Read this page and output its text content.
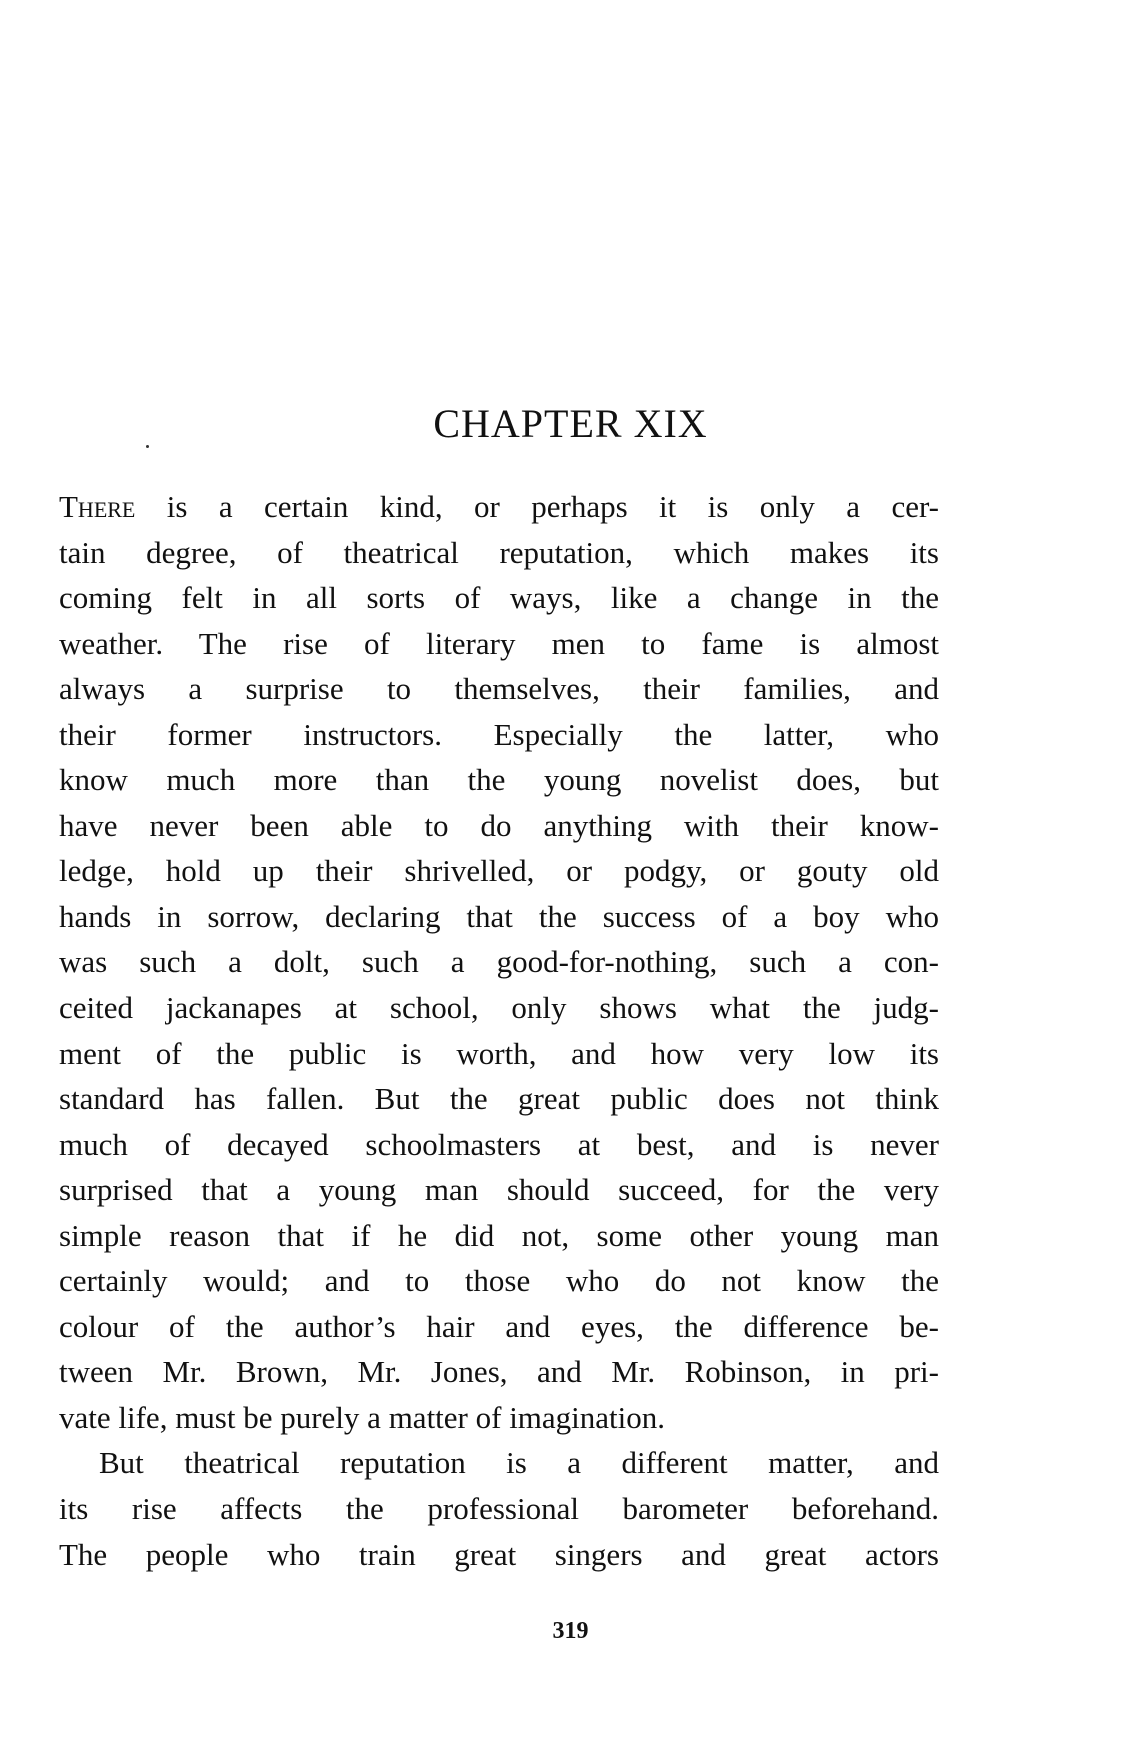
CHAPTER XIX
There is a certain kind, or perhaps it is only a cer-
tain degree, of theatrical reputation, which makes its
coming felt in all sorts of ways, like a change in the
weather. The rise of literary men to fame is almost
always a surprise to themselves, their families, and
their former instructors. Especially the latter, who
know much more than the young novelist does, but
have never been able to do anything with their know-
ledge, hold up their shrivelled, or podgy, or gouty old
hands in sorrow, declaring that the success of a boy who
was such a dolt, such a good-for-nothing, such a con-
ceited jackanapes at school, only shows what the judg-
ment of the public is worth, and how very low its
standard has fallen. But the great public does not think
much of decayed schoolmasters at best, and is never
surprised that a young man should succeed, for the very
simple reason that if he did not, some other young man
certainly would; and to those who do not know the
colour of the author’s hair and eyes, the difference be-
tween Mr. Brown, Mr. Jones, and Mr. Robinson, in pri-
vate life, must be purely a matter of imagination.
But theatrical reputation is a different matter, and
its rise affects the professional barometer beforehand.
The people who train great singers and great actors
319
